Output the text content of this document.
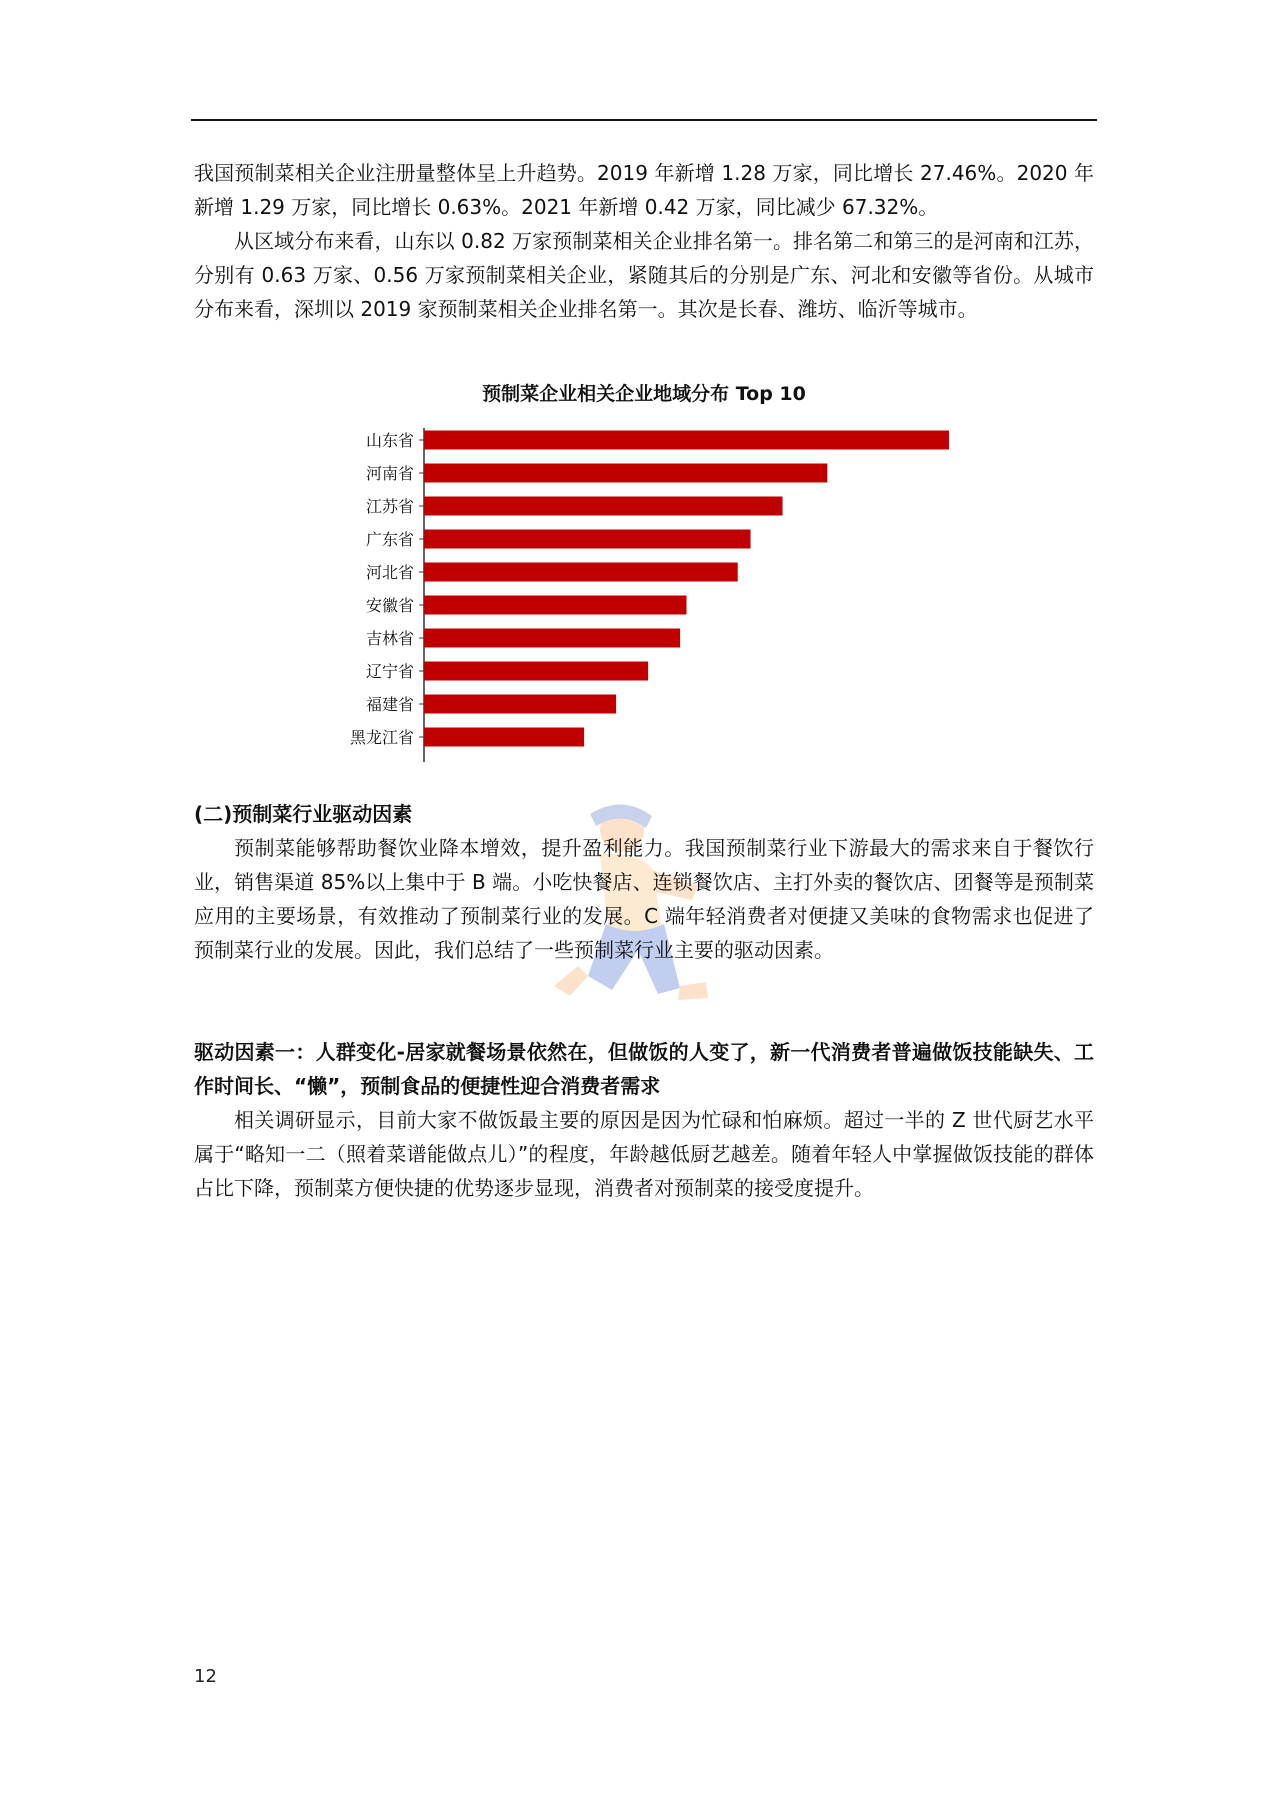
我国预制菜相关企业注册量整体呈上升趋势。2019 年新增 1.28 万家，同比增长 27.46%。2020 年新增 1.29 万家，同比增长 0.63%。2021 年新增 0.42 万家，同比减少 67.32%。

从区域分布来看，山东以 0.82 万家预制菜相关企业排名第一。排名第二和第三的是河南和江苏，分别有 0.63 万家、0.56 万家预制菜相关企业，紧随其后的分别是广东、河北和安徽等省份。从城市分布来看，深圳以 2019 家预制菜相关企业排名第一。其次是长春、潍坊、临沂等城市。

预制菜企业相关企业地域分布 Top 10
山东省
河南省
江苏省
广东省
河北省
安徽省
吉林省
辽宁省
福建省
黑龙江省

(二)预制菜行业驱动因素

预制菜能够帮助餐饮业降本增效，提升盈利能力。我国预制菜行业下游最大的需求来自于餐饮行业，销售渠道 85%以上集中于 B 端。小吃快餐店、连锁餐饮店、主打外卖的餐饮店、团餐等是预制菜应用的主要场景，有效推动了预制菜行业的发展。C 端年轻消费者对便捷又美味的食物需求也促进了预制菜行业的发展。因此，我们总结了一些预制菜行业主要的驱动因素。

驱动因素一：人群变化-居家就餐场景依然在，但做饭的人变了，新一代消费者普遍做饭技能缺失、工作时间长、“懒”，预制食品的便捷性迎合消费者需求

相关调研显示，目前大家不做饭最主要的原因是因为忙碌和怕麻烦。超过一半的 Z 世代厨艺水平属于“略知一二（照着菜谱能做点儿）”的程度，年龄越低厨艺越差。随着年轻人中掌握做饭技能的群体占比下降，预制菜方便快捷的优势逐步显现，消费者对预制菜的接受度提升。

12
